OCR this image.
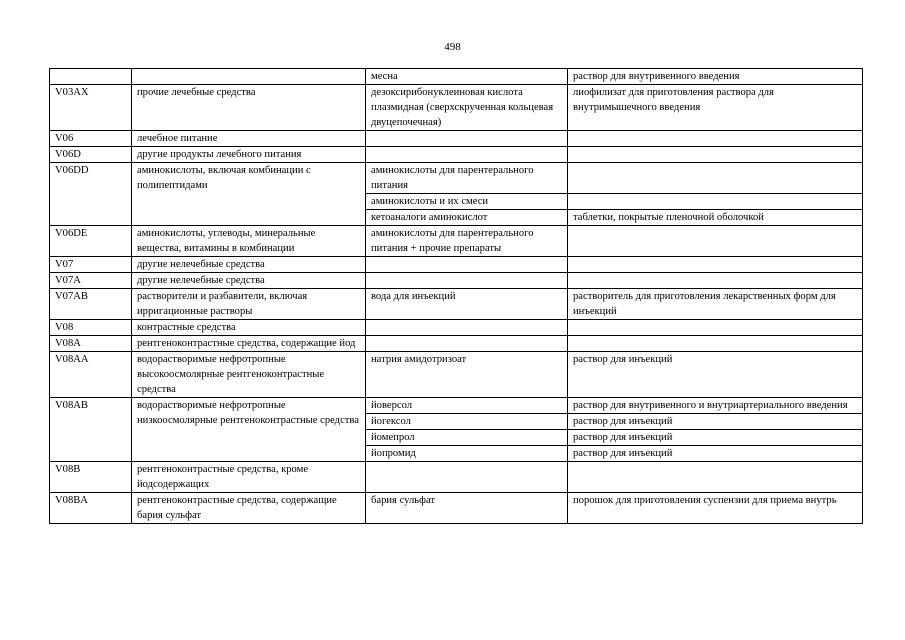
498
		месна	раствор для внутривенного введения
V03AX	прочие лечебные средства	дезоксирибонуклеиновая кислота плазмидная (сверхскрученная кольцевая двуцепочечная)	лиофилизат для приготовления раствора для внутримышечного введения
V06	лечебное питание		
V06D	другие продукты лечебного питания		
V06DD	аминокислоты, включая комбинации с полипептидами	аминокислоты для парентерального питания	
		аминокислоты и их смеси	
		кетоаналоги аминокислот	таблетки, покрытые пленочной оболочкой
V06DE	аминокислоты, углеводы, минеральные вещества, витамины в комбинации	аминокислоты для парентерального питания + прочие препараты	
V07	другие нелечебные средства		
V07A	другие нелечебные средства		
V07AB	растворители и разбавители, включая ирригационные растворы	вода для инъекций	растворитель для приготовления лекарственных форм для инъекций
V08	контрастные средства		
V08A	рентгеноконтрастные средства, содержащие йод		
V08AA	водорастворимые нефротропные высокоосмолярные рентгеноконтрастные средства	натрия амидотризоат	раствор для инъекций
V08AB	водорастворимые нефротропные низкоосмолярные рентгеноконтрастные средства	йоверсол	раствор для внутривенного и внутриартериального введения
		йогексол	раствор для инъекций
		йомепрол	раствор для инъекций
		йопромид	раствор для инъекций
V08B	рентгеноконтрастные средства, кроме йодсодержащих		
V08BA	рентгеноконтрастные средства, содержащие бария сульфат	бария сульфат	порошок для приготовления суспензии для приема внутрь
